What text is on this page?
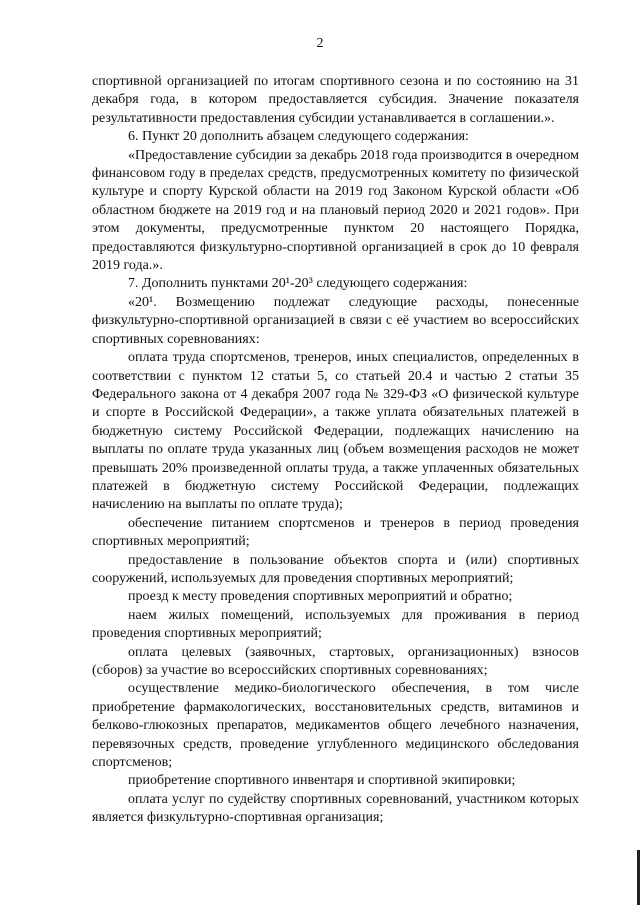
2

спортивной организацией по итогам спортивного сезона и по состоянию на 31 декабря года, в котором предоставляется субсидия. Значение показателя результативности предоставления субсидии устанавливается в соглашении.».

6. Пункт 20 дополнить абзацем следующего содержания:

«Предоставление субсидии за декабрь 2018 года производится в очередном финансовом году в пределах средств, предусмотренных комитету по физической культуре и спорту Курской области на 2019 год Законом Курской области «Об областном бюджете на 2019 год и на плановый период 2020 и 2021 годов». При этом документы, предусмотренные пунктом 20 настоящего Порядка, предоставляются физкультурно-спортивной организацией в срок до 10 февраля 2019 года.».

7. Дополнить пунктами 20¹-20³ следующего содержания:

«20¹. Возмещению подлежат следующие расходы, понесенные физкультурно-спортивной организацией в связи с её участием во всероссийских спортивных соревнованиях:

оплата труда спортсменов, тренеров, иных специалистов, определенных в соответствии с пунктом 12 статьи 5, со статьей 20.4 и частью 2 статьи 35 Федерального закона от 4 декабря 2007 года № 329-ФЗ «О физической культуре и спорте в Российской Федерации», а также уплата обязательных платежей в бюджетную систему Российской Федерации, подлежащих начислению на выплаты по оплате труда указанных лиц (объем возмещения расходов не может превышать 20% произведенной оплаты труда, а также уплаченных обязательных платежей в бюджетную систему Российской Федерации, подлежащих начислению на выплаты по оплате труда);

обеспечение питанием спортсменов и тренеров в период проведения спортивных мероприятий;

предоставление в пользование объектов спорта и (или) спортивных сооружений, используемых для проведения спортивных мероприятий;

проезд к месту проведения спортивных мероприятий и обратно;

наем жилых помещений, используемых для проживания в период проведения спортивных мероприятий;

оплата целевых (заявочных, стартовых, организационных) взносов (сборов) за участие во всероссийских спортивных соревнованиях;

осуществление медико-биологического обеспечения, в том числе приобретение фармакологических, восстановительных средств, витаминов и белково-глюкозных препаратов, медикаментов общего лечебного назначения, перевязочных средств, проведение углубленного медицинского обследования спортсменов;

приобретение спортивного инвентаря и спортивной экипировки;

оплата услуг по судейству спортивных соревнований, участником которых является физкультурно-спортивная организация;
